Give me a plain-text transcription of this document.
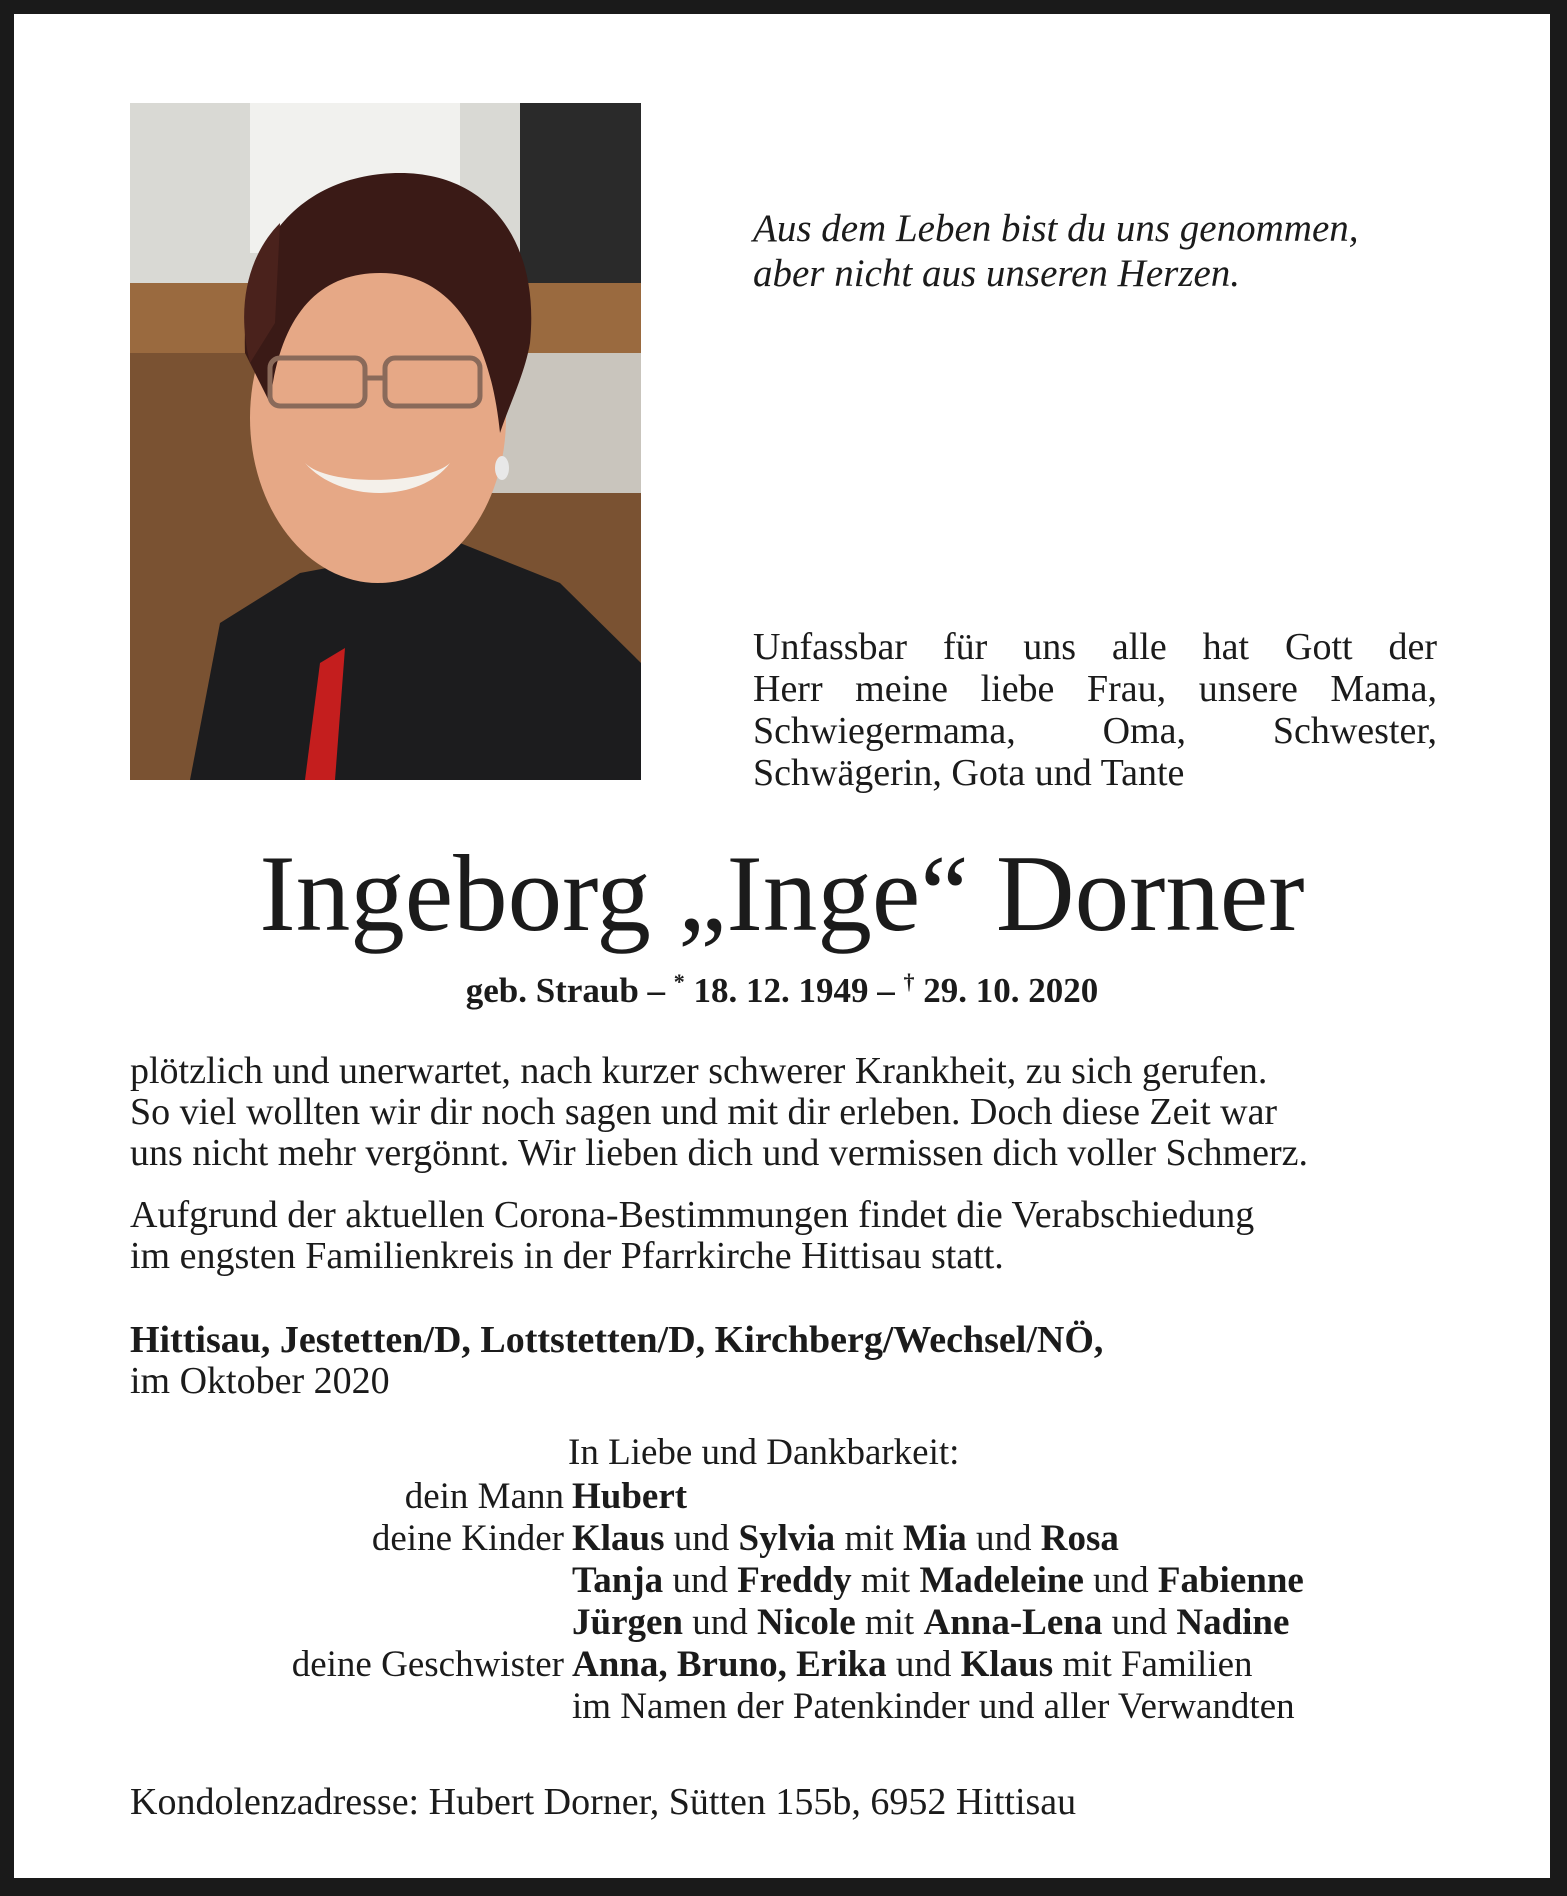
Aus dem Leben bist du uns genommen,
aber nicht aus unseren Herzen.
Unfassbar für uns alle hat Gott der
Herr meine liebe Frau, unsere Mama,
Schwiegermama, Oma, Schwester,
Schwägerin, Gota und Tante
Ingeborg „Inge“ Dorner
geb. Straub – * 18. 12. 1949 – † 29. 10. 2020
plötzlich und unerwartet, nach kurzer schwerer Krankheit, zu sich gerufen.
So viel wollten wir dir noch sagen und mit dir erleben. Doch diese Zeit war
uns nicht mehr vergönnt. Wir lieben dich und vermissen dich voller Schmerz.
Aufgrund der aktuellen Corona-Bestimmungen findet die Verabschiedung
im engsten Familienkreis in der Pfarrkirche Hittisau statt.
Hittisau, Jestetten/D, Lottstetten/D, Kirchberg/Wechsel/NÖ,
im Oktober 2020
In Liebe und Dankbarkeit:
dein Mann	Hubert
deine Kinder	Klaus und Sylvia mit Mia und Rosa
	Tanja und Freddy mit Madeleine und Fabienne
	Jürgen und Nicole mit Anna-Lena und Nadine
deine Geschwister	Anna, Bruno, Erika und Klaus mit Familien
	im Namen der Patenkinder und aller Verwandten
Kondolenzadresse: Hubert Dorner, Sütten 155b, 6952 Hittisau
